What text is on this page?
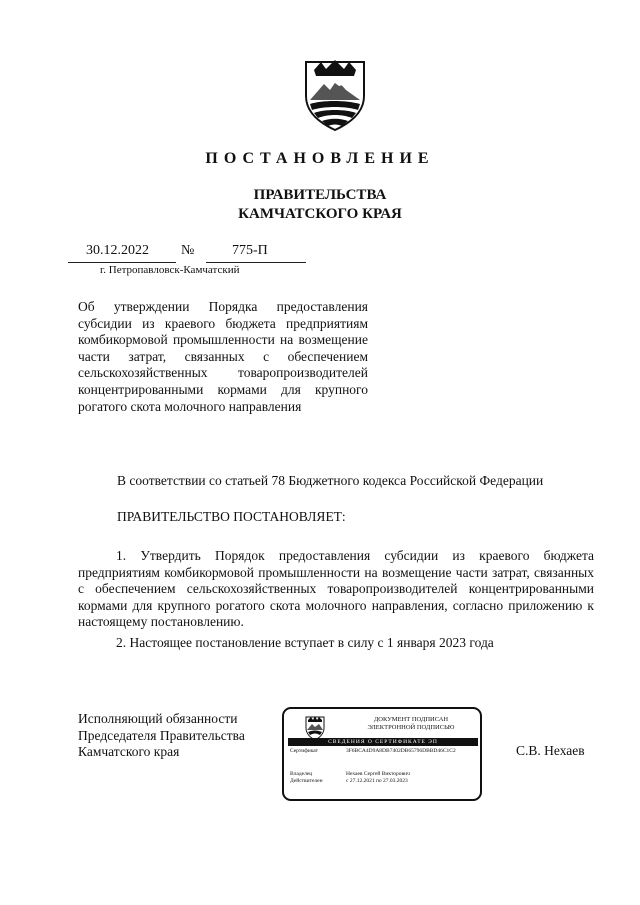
ПОСТАНОВЛЕНИЕ
ПРАВИТЕЛЬСТВА
КАМЧАТСКОГО КРАЯ
30.12.2022 №	775-П
г. Петропавловск-Камчатский
Об утверждении Порядка предоставления субсидии из краевого бюджета предприятиям комбикормовой промышленности на возмещение части затрат, связанных с обеспечением сельскохозяйственных товаропроизводителей концентрированными кормами для крупного рогатого скота молочного направления
В соответствии со статьей 78 Бюджетного кодекса Российской Федерации
ПРАВИТЕЛЬСТВО ПОСТАНОВЛЯЕТ:
1. Утвердить Порядок предоставления субсидии из краевого бюджета предприятиям комбикормовой промышленности на возмещение части затрат, связанных с обеспечением сельскохозяйственных товаропроизводителей концентрированными кормами для крупного рогатого скота молочного направления, согласно приложению к настоящему постановлению.
2. Настоящее постановление вступает в силу с 1 января 2023 года
Исполняющий обязанности
Председателя Правительства
Камчатского края	С.В. Нехаев
ДОКУМЕНТ ПОДПИСАН
ЭЛЕКТРОННОЙ ПОДПИСЬЮ
СВЕДЕНИЯ О СЕРТИФИКАТЕ ЭП
Сертификат	3F6BCA4D9A8DB7402DB65796DBBD46C1C2
Владелец	Нехаев Сергей Викторович
Действителен	с 27.12.2021 по 27.03.2023
